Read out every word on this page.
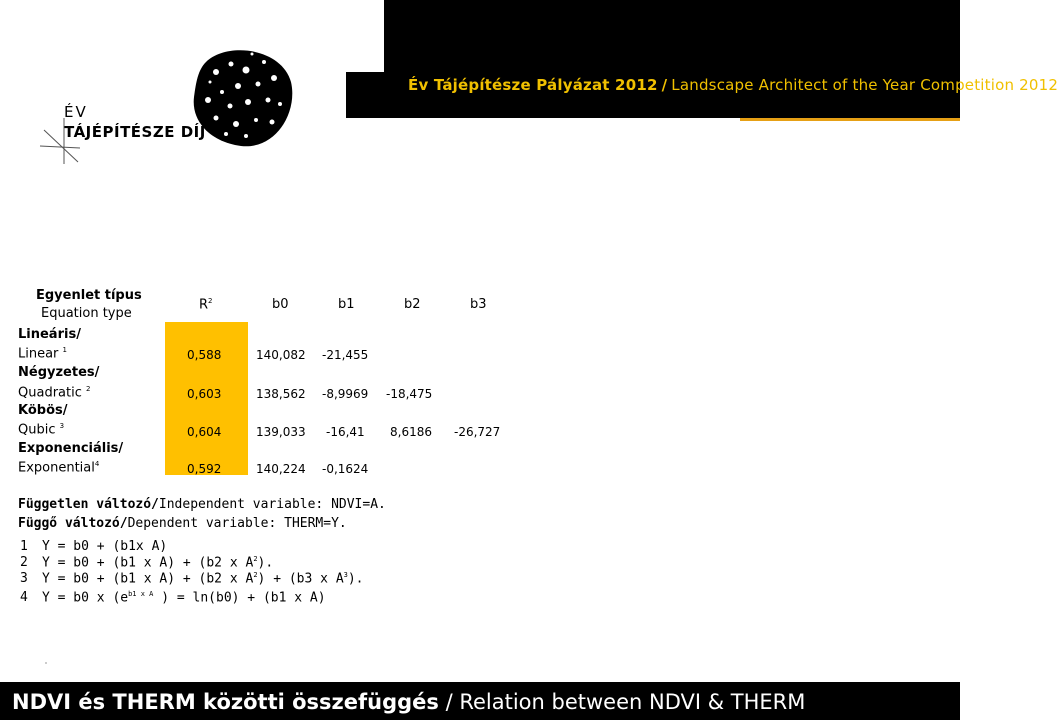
Év Tájépítésze Pályázat 2012 / Landscape Architect of the Year Competition 2012
ÉV
TÁJÉPÍTÉSZE DÍJ
Egyenlet típus
Equation type
$R^2$	b0	b1	b2	b3
Lineáris/
Linear $^1$	0,588	140,082 -21,455
Négyzetes/
Quadratic $^2$	0,603	138,562 -8,9969 -18,475
Köbös/
Qubic $^3$	0,604	139,033 -16,41 8,6186 -26,727
Exponenciális/
Exponential$^4$	0,592	140,224 -0,1624
Független változó/Independent variable: NDVI=A.
Függő változó/Dependent variable: THERM=Y.
1 Y = b0 + (b1x A)
2 Y = b0 + (b1 x A) + (b2 x $A^2$).
3 Y = b0 + (b1 x A) + (b2 x $A^2) + (b3$ x $A^3$).
4 Y = b0 x ($e^{b1 x A}$ ) = ln(b0) + (b1 x A)
NDVI és THERM közötti összefüggés / Relation between NDVI & THERM
